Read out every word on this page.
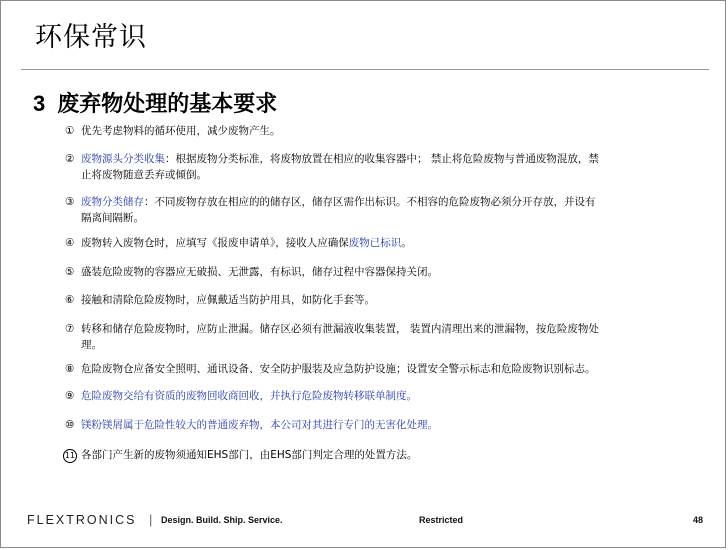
环保常识
3 废弃物处理的基本要求
① 优先考虑物料的循环使用，减少废物产生。
② 废物源头分类收集：根据废物分类标准，将废物放置在相应的收集容器中； 禁止将危险废物与普通废物混放，禁
止将废物随意丢弃或倾倒。
③ 废物分类储存：不同废物存放在相应的的储存区，储存区需作出标识。不相容的危险废物必须分开存放，并设有
隔离间隔断。
④ 废物转入废物仓时，应填写《报废申请单》，接收人应确保废物已标识。
⑤ 盛装危险废物的容器应无破损、无泄露，有标识，储存过程中容器保持关闭。
⑥ 接触和清除危险废物时，应佩戴适当防护用具，如防化手套等。
⑦ 转移和储存危险废物时，应防止泄漏。储存区必须有泄漏液收集装置， 装置内清理出来的泄漏物，按危险废物处
理。
⑧ 危险废物仓应备安全照明、通讯设备、安全防护服装及应急防护设施；设置安全警示标志和危险废物识别标志。
⑨ 危险废物交给有资质的废物回收商回收，并执行危险废物转移联单制度。
⑩ 镁粉镁屑属于危险性较大的普通废弃物，本公司对其进行专门的无害化处理。
11 各部门产生新的废物须通知EHS部门，由EHS部门判定合理的处置方法。
FLEXTRONICS | Design. Build. Ship. Service.	Restricted	48
